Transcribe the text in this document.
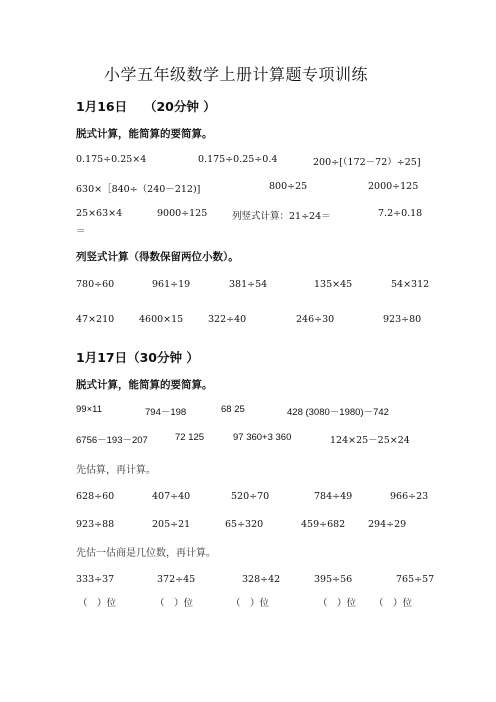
小学五年级数学上册计算题专项训练
1月16日　 （20分钟 ）
脱式计算，能简算的要简算。
0.175÷0.25×4	0.175÷0.25÷0.4	200÷[（172－72）÷25]
630×［840÷（240－212)]	800÷25	2000÷125
25×63×4	9000÷125	列竖式计算：21÷24＝	7.2÷0.18
＝
列竖式计算（得数保留两位小数）。
780÷60	961÷19	381÷54	135×45	54×312
47×210	4600×15	322÷40	246÷30	923÷80
1月17日（30分钟 ）
脱式计算，能简算的要简算。
99×11	794－198	68 25	428 (3080－1980)－742
6756－193－207	72 125	97 360+3 360	124×25－25×24
先估算，再计算。
628÷60	407÷40	520÷70	784÷49	966÷23
923÷88	205÷21	65÷320	459÷682 294÷29
先估一估商是几位数，再计算。
333÷37	372÷45	328÷42	395÷56	765÷57
（　）位	（　）位	（　）位	（　）位 （　）位
